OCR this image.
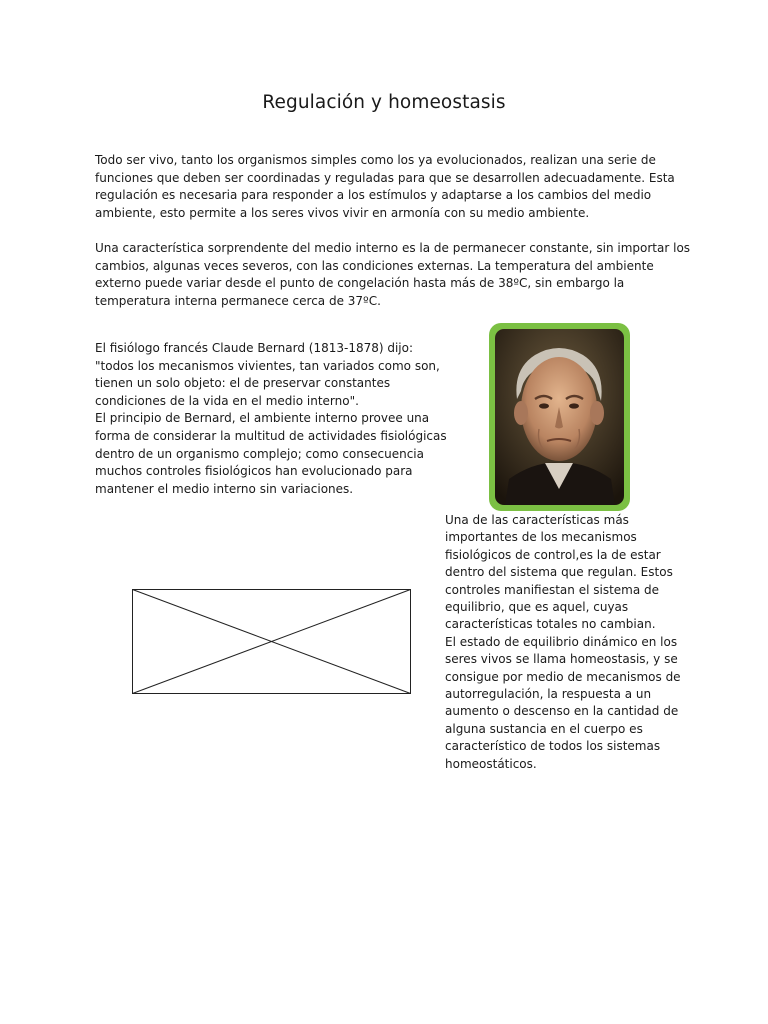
Regulación y homeostasis

Todo ser vivo, tanto los organismos simples como los ya evolucionados, realizan una serie de
funciones que deben ser coordinadas y reguladas para que se desarrollen adecuadamente. Esta
regulación es necesaria para responder a los estímulos y adaptarse a los cambios del medio
ambiente, esto permite a los seres vivos vivir en armonía con su medio ambiente.

Una característica sorprendente del medio interno es la de permanecer constante, sin importar los
cambios, algunas veces severos, con las condiciones externas. La temperatura del ambiente
externo puede variar desde el punto de congelación hasta más de 38ºC, sin embargo la
temperatura interna permanece cerca de 37ºC.

El fisiólogo francés Claude Bernard (1813-1878) dijo:
"todos los mecanismos vivientes, tan variados como son,
tienen un solo objeto: el de preservar constantes
condiciones de la vida en el medio interno".
El principio de Bernard, el ambiente interno provee una
forma de considerar la multitud de actividades fisiológicas
dentro de un organismo complejo; como consecuencia
muchos controles fisiológicos han evolucionado para
mantener el medio interno sin variaciones.

Una de las características más
importantes de los mecanismos
fisiológicos de control,es la de estar
dentro del sistema que regulan. Estos
controles manifiestan el sistema de
equilibrio, que es aquel, cuyas
características totales no cambian.
El estado de equilibrio dinámico en los
seres vivos se llama homeostasis, y se
consigue por medio de mecanismos de
autorregulación, la respuesta a un
aumento o descenso en la cantidad de
alguna sustancia en el cuerpo es
característico de todos los sistemas
homeostáticos.
